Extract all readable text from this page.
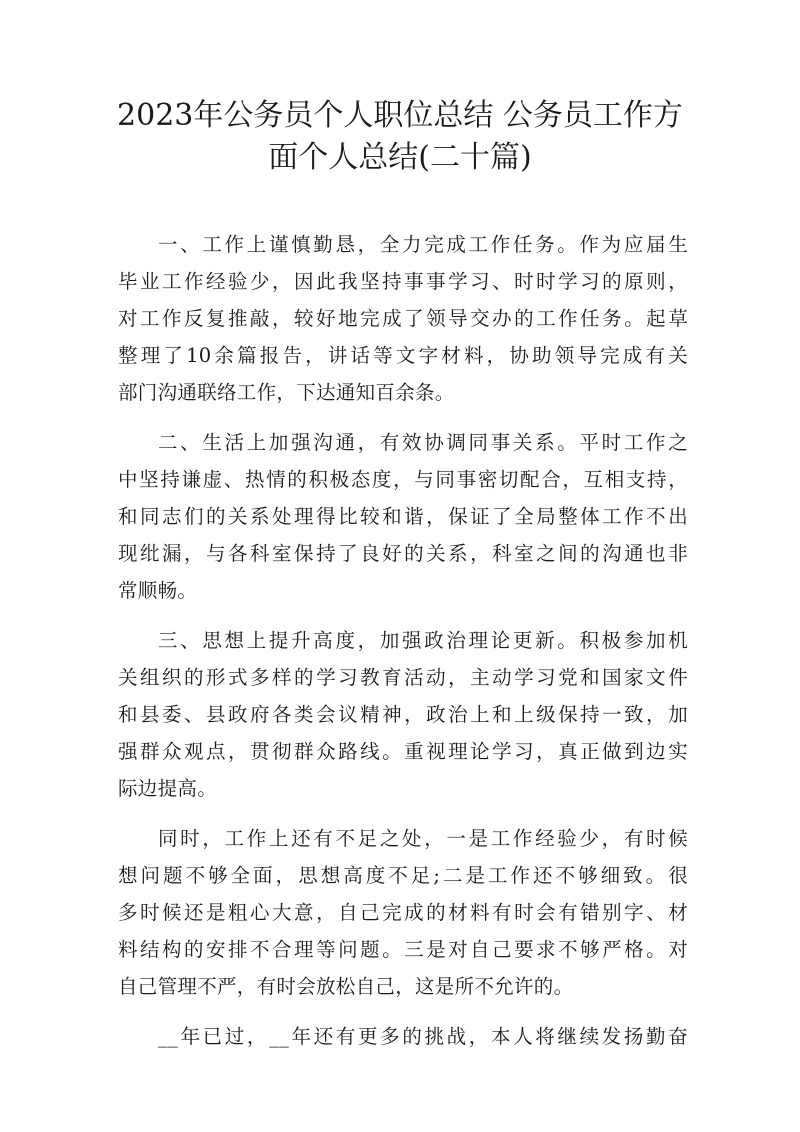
2023年公务员个人职位总结 公务员工作方
面个人总结(二十篇)
一、工作上谨慎勤恳，全力完成工作任务。作为应届生
毕业工作经验少，因此我坚持事事学习、时时学习的原则，
对工作反复推敲，较好地完成了领导交办的工作任务。起草
整理了10余篇报告，讲话等文字材料，协助领导完成有关
部门沟通联络工作，下达通知百余条。
二、生活上加强沟通，有效协调同事关系。平时工作之
中坚持谦虚、热情的积极态度，与同事密切配合，互相支持，
和同志们的关系处理得比较和谐，保证了全局整体工作不出
现纰漏，与各科室保持了良好的关系，科室之间的沟通也非
常顺畅。
三、思想上提升高度，加强政治理论更新。积极参加机
关组织的形式多样的学习教育活动，主动学习党和国家文件
和县委、县政府各类会议精神，政治上和上级保持一致，加
强群众观点，贯彻群众路线。重视理论学习，真正做到边实
际边提高。
同时，工作上还有不足之处，一是工作经验少，有时候
想问题不够全面，思想高度不足;二是工作还不够细致。很
多时候还是粗心大意，自己完成的材料有时会有错别字、材
料结构的安排不合理等问题。三是对自己要求不够严格。对
自己管理不严，有时会放松自己，这是所不允许的。
__年已过，__年还有更多的挑战，本人将继续发扬勤奋
